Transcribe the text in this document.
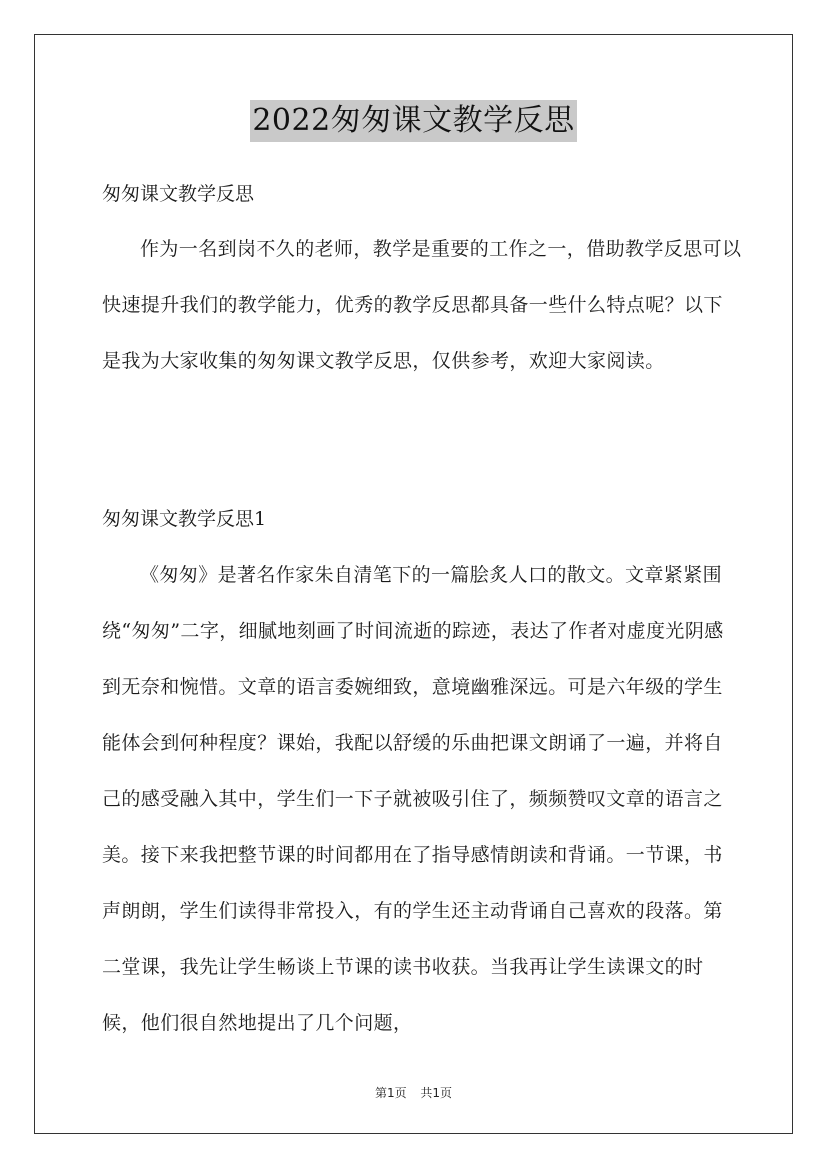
2022匆匆课文教学反思
匆匆课文教学反思

作为一名到岗不久的老师，教学是重要的工作之一，借助教学反思可以快速提升我们的教学能力，优秀的教学反思都具备一些什么特点呢？以下是我为大家收集的匆匆课文教学反思，仅供参考，欢迎大家阅读。

匆匆课文教学反思1

《匆匆》是著名作家朱自清笔下的一篇脍炙人口的散文。文章紧紧围绕“匆匆”二字，细腻地刻画了时间流逝的踪迹，表达了作者对虚度光阴感到无奈和惋惜。文章的语言委婉细致，意境幽雅深远。可是六年级的学生能体会到何种程度？课始，我配以舒缓的乐曲把课文朗诵了一遍，并将自己的感受融入其中，学生们一下子就被吸引住了，频频赞叹文章的语言之美。接下来我把整节课的时间都用在了指导感情朗读和背诵。一节课，书声朗朗，学生们读得非常投入，有的学生还主动背诵自己喜欢的段落。第二堂课，我先让学生畅谈上节课的读书收获。当我再让学生读课文的时候，他们很自然地提出了几个问题，

第1页 共1页
